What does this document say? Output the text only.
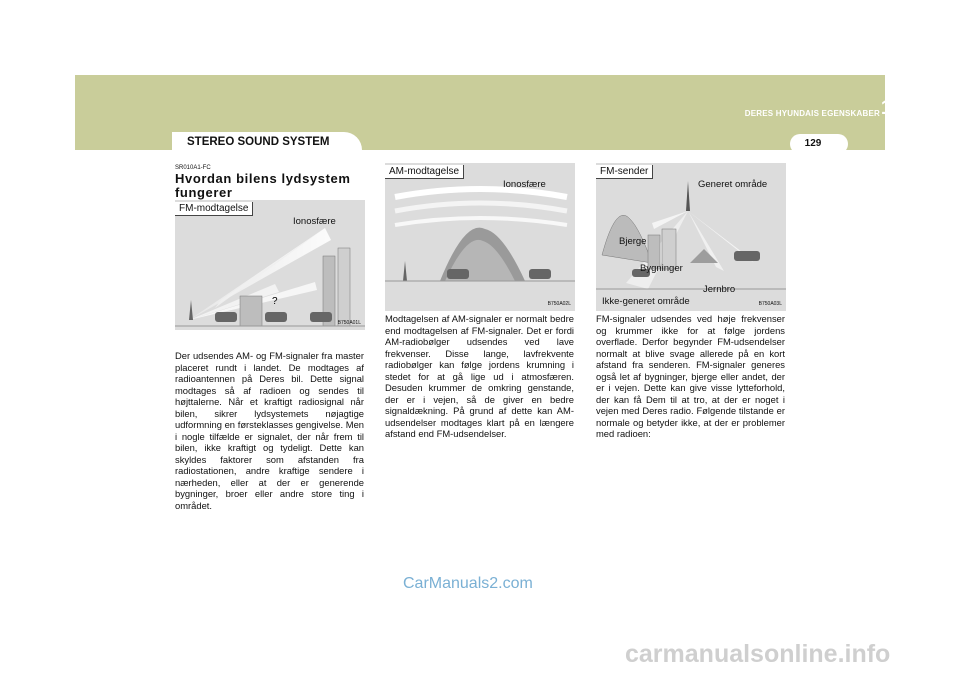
DERES HYUNDAIS EGENSKABER 1
129
STEREO SOUND SYSTEM
SR010A1-FC
Hvordan bilens lydsystem fungerer
?
FM-modtagelse
Ionosfære
B750A01L
AM-modtagelse
Ionosfære
B750A02L
FM-sender
Generet område
Bjerge
Bygninger
Jernbro
Ikke-generet område	B750A03L
Der udsendes AM- og FM-signaler fra master placeret rundt i landet. De modtages af radioantennen på Deres bil. Dette signal modtages så af radioen og sendes til højttalerne. Når et kraftigt radiosignal når bilen, sikrer lydsystemets nøjagtige udformning en førsteklasses gengivelse. Men i nogle tilfælde er signalet, der når frem til bilen, ikke kraftigt og tydeligt. Dette kan skyldes faktorer som afstanden fra radiostationen, andre kraftige sendere i nærheden, eller at der er generende bygninger, broer eller andre store ting i området.
Modtagelsen af AM-signaler er normalt bedre end modtagelsen af FM-signaler. Det er fordi AM-radiobølger udsendes ved lave frekvenser. Disse lange, lavfrekvente radiobølger kan følge jordens krumning i stedet for at gå lige ud i atmosfæren. Desuden krummer de omkring genstande, der er i vejen, så de giver en bedre signaldækning. På grund af dette kan AM-udsendelser modtages klart på en længere afstand end FM-udsendelser.
FM-signaler udsendes ved høje frekvenser og krummer ikke for at følge jordens overflade. Derfor begynder FM-udsendelser normalt at blive svage allerede på en kort afstand fra senderen. FM-signaler generes også let af bygninger, bjerge eller andet, der er i vejen. Dette kan give visse lytteforhold, der kan få Dem til at tro, at der er noget i vejen med Deres radio. Følgende tilstande er normale og betyder ikke, at der er problemer med radioen:
CarManuals2.com
carmanualsonline.info
